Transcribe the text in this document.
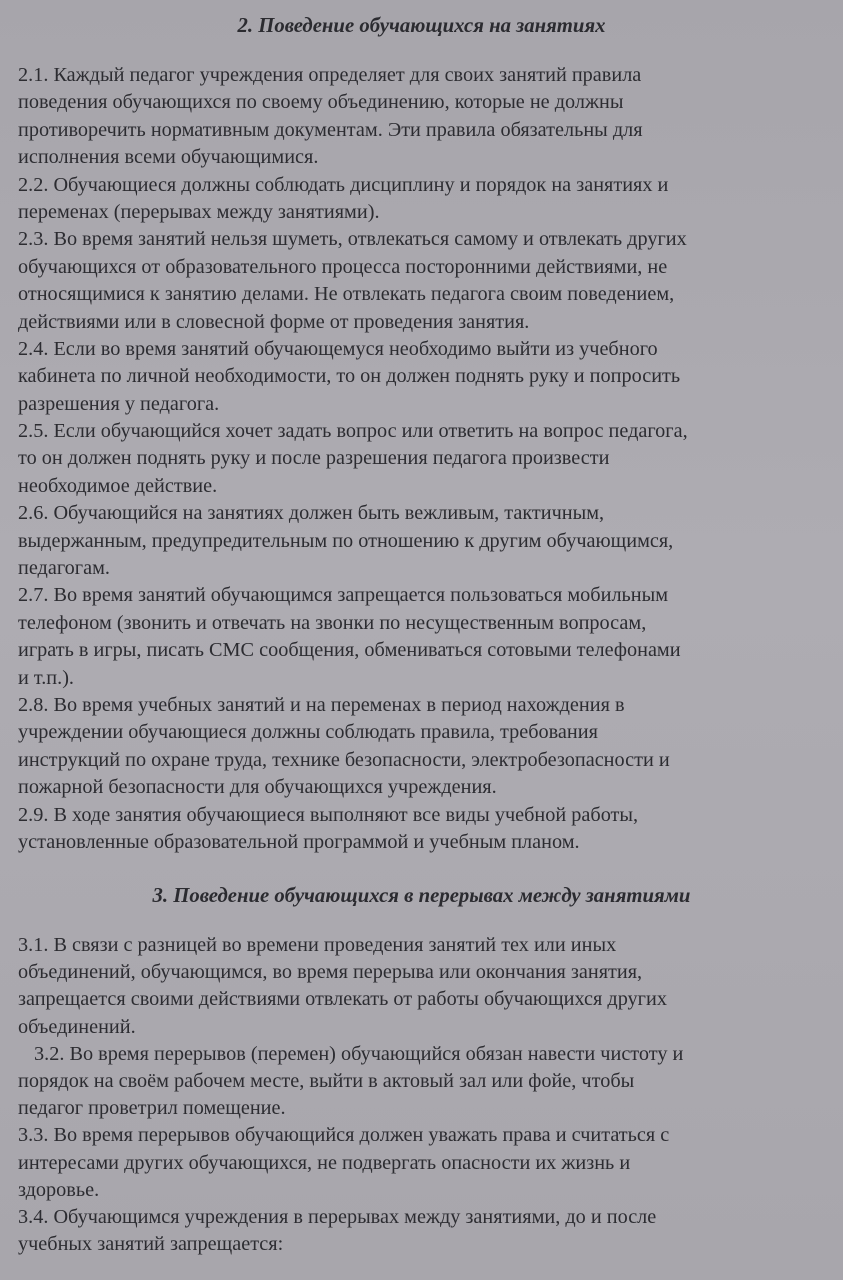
2. Поведение обучающихся на занятиях
2.1. Каждый педагог учреждения определяет для своих занятий правила
поведения обучающихся по своему объединению, которые не должны
противоречить нормативным документам. Эти правила обязательны для
исполнения всеми обучающимися.
2.2. Обучающиеся должны соблюдать дисциплину и порядок на занятиях и
переменах (перерывах между занятиями).
2.3. Во время занятий нельзя шуметь, отвлекаться самому и отвлекать других
обучающихся от образовательного процесса посторонними действиями, не
относящимися к занятию делами. Не отвлекать педагога своим поведением,
действиями или в словесной форме от проведения занятия.
2.4. Если во время занятий обучающемуся необходимо выйти из учебного
кабинета по личной необходимости, то он должен поднять руку и попросить
разрешения у педагога.
2.5. Если обучающийся хочет задать вопрос или ответить на вопрос педагога,
то он должен поднять руку и после разрешения педагога произвести
необходимое действие.
2.6. Обучающийся на занятиях должен быть вежливым, тактичным,
выдержанным, предупредительным по отношению к другим обучающимся,
педагогам.
2.7. Во время занятий обучающимся запрещается пользоваться мобильным
телефоном (звонить и отвечать на звонки по несущественным вопросам,
играть в игры, писать СМС сообщения, обмениваться сотовыми телефонами
и т.п.).
2.8. Во время учебных занятий и на переменах в период нахождения в
учреждении обучающиеся должны соблюдать правила, требования
инструкций по охране труда, технике безопасности, электробезопасности и
пожарной безопасности для обучающихся учреждения.
2.9. В ходе занятия обучающиеся выполняют все виды учебной работы,
установленные образовательной программой и учебным планом.
3. Поведение обучающихся в перерывах между занятиями
3.1. В связи с разницей во времени проведения занятий тех или иных
объединений, обучающимся, во время перерыва или окончания занятия,
запрещается своими действиями отвлекать от работы обучающихся других
объединений.
3.2. Во время перерывов (перемен) обучающийся обязан навести чистоту и
порядок на своём рабочем месте, выйти в актовый зал или фойе, чтобы
педагог проветрил помещение.
3.3. Во время перерывов обучающийся должен уважать права и считаться с
интересами других обучающихся, не подвергать опасности их жизнь и
здоровье.
3.4. Обучающимся учреждения в перерывах между занятиями, до и после
учебных занятий запрещается:
